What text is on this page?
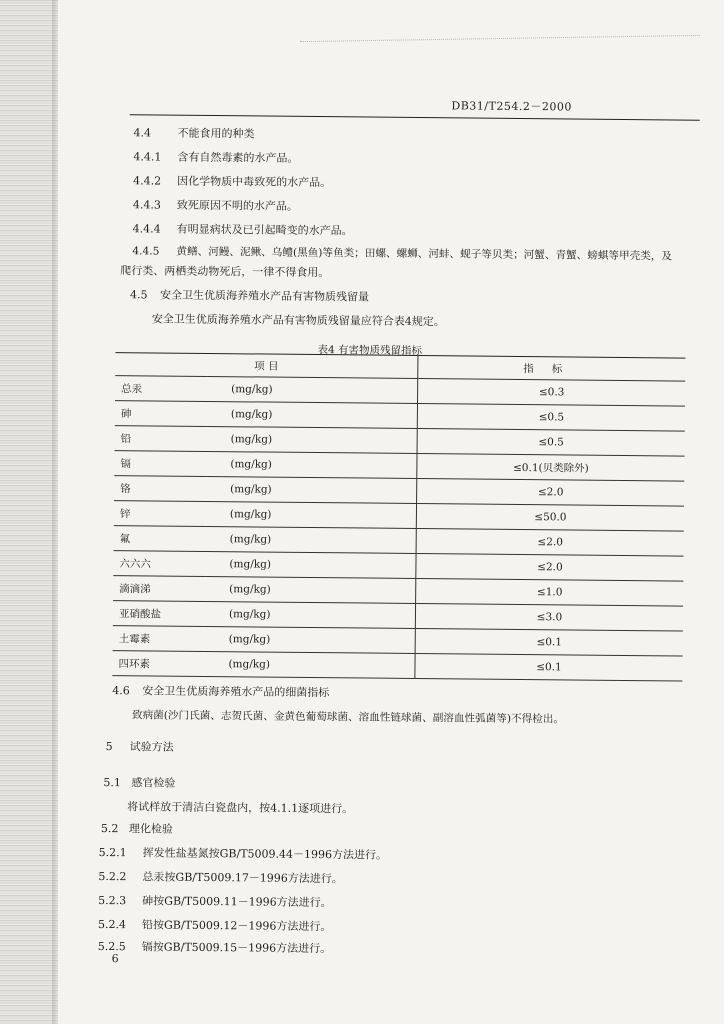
DB31/T254.2－2000
4.4 不能食用的种类
4.4.1 含有自然毒素的水产品。
4.4.2 因化学物质中毒致死的水产品。
4.4.3 致死原因不明的水产品。
4.4.4 有明显病状及已引起畸变的水产品。
4.4.5 黄鳝、河鳗、泥鳅、乌鳢(黑鱼)等鱼类；田螺、螺蛳、河蚌、蚬子等贝类；河蟹、青蟹、螃蜞等甲壳类，及
爬行类、两栖类动物死后，一律不得食用。
4.5 安全卫生优质海养殖水产品有害物质残留量
安全卫生优质海养殖水产品有害物质残留量应符合表4规定。
表4 有害物质残留指标
项 目		指标
总汞	(mg/kg)	≤0.3
砷	(mg/kg)	≤0.5
铅	(mg/kg)	≤0.5
镉	(mg/kg)	≤0.1(贝类除外)
铬	(mg/kg)	≤2.0
锌	(mg/kg)	≤50.0
氟	(mg/kg)	≤2.0
六六六	(mg/kg)	≤2.0
滴滴涕	(mg/kg)	≤1.0
亚硝酸盐	(mg/kg)	≤3.0
土霉素	(mg/kg)	≤0.1
四环素	(mg/kg)	≤0.1
4.6 安全卫生优质海养殖水产品的细菌指标
致病菌(沙门氏菌、志贺氏菌、金黄色葡萄球菌、溶血性链球菌、副溶血性弧菌等)不得检出。
5 试验方法
5.1 感官检验
将试样放于清洁白瓷盘内，按4.1.1逐项进行。
5.2 理化检验
5.2.1 挥发性盐基氮按GB/T5009.44－1996方法进行。
5.2.2 总汞按GB/T5009.17－1996方法进行。
5.2.3 砷按GB/T5009.11－1996方法进行。
5.2.4 铅按GB/T5009.12－1996方法进行。
5.2.5 镉按GB/T5009.15－1996方法进行。
6
